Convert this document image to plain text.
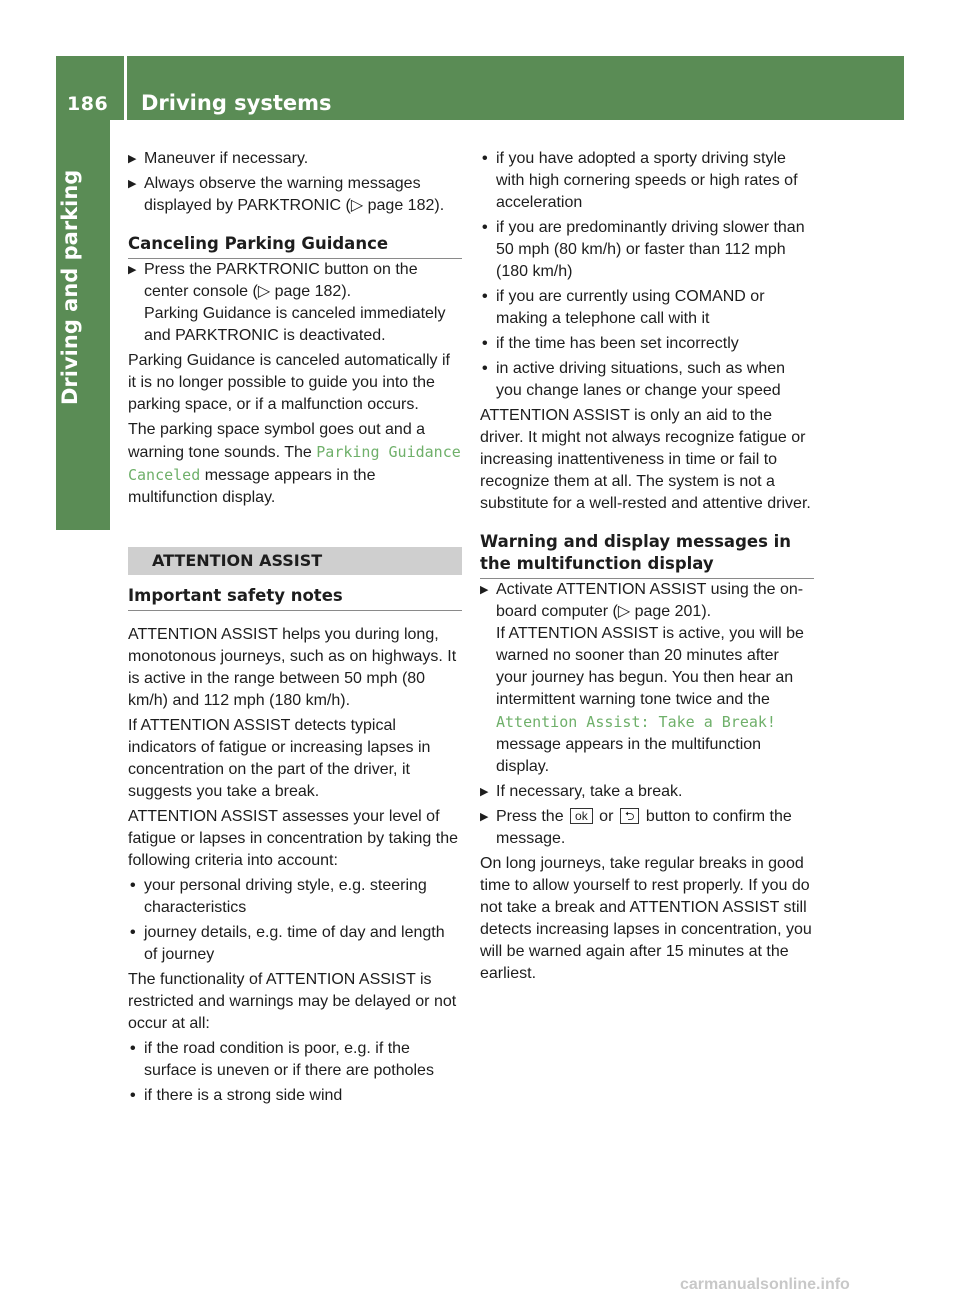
186 Driving systems
Driving and parking
▶ Maneuver if necessary.
▶ Always observe the warning messages displayed by PARKTRONIC (▷ page 182).
Canceling Parking Guidance
▶ Press the PARKTRONIC button on the center console (▷ page 182).
Parking Guidance is canceled immediately and PARKTRONIC is deactivated.

Parking Guidance is canceled automatically if it is no longer possible to guide you into the parking space, or if a malfunction occurs.

The parking space symbol goes out and a warning tone sounds. The Parking Guidance Canceled message appears in the multifunction display.

ATTENTION ASSIST
Important safety notes

ATTENTION ASSIST helps you during long, monotonous journeys, such as on highways. It is active in the range between 50 mph (80 km/h) and 112 mph (180 km/h).

If ATTENTION ASSIST detects typical indicators of fatigue or increasing lapses in concentration on the part of the driver, it suggests you take a break.

ATTENTION ASSIST assesses your level of fatigue or lapses in concentration by taking the following criteria into account:

• your personal driving style, e.g. steering characteristics
• journey details, e.g. time of day and length of journey

The functionality of ATTENTION ASSIST is restricted and warnings may be delayed or not occur at all:

• if the road condition is poor, e.g. if the surface is uneven or if there are potholes
• if there is a strong side wind
• if you have adopted a sporty driving style with high cornering speeds or high rates of acceleration
• if you are predominantly driving slower than 50 mph (80 km/h) or faster than 112 mph (180 km/h)
• if you are currently using COMAND or making a telephone call with it
• if the time has been set incorrectly
• in active driving situations, such as when you change lanes or change your speed

ATTENTION ASSIST is only an aid to the driver. It might not always recognize fatigue or increasing inattentiveness in time or fail to recognize them at all. The system is not a substitute for a well-rested and attentive driver.

Warning and display messages in the multifunction display
▶ Activate ATTENTION ASSIST using the on-board computer (▷ page 201).
If ATTENTION ASSIST is active, you will be warned no sooner than 20 minutes after your journey has begun. You then hear an intermittent warning tone twice and the Attention Assist: Take a Break! message appears in the multifunction display.
▶ If necessary, take a break.
▶ Press the ok or ⮌ button to confirm the message.

On long journeys, take regular breaks in good time to allow yourself to rest properly. If you do not take a break and ATTENTION ASSIST still detects increasing lapses in concentration, you will be warned again after 15 minutes at the earliest.

carmanualsonline.info
